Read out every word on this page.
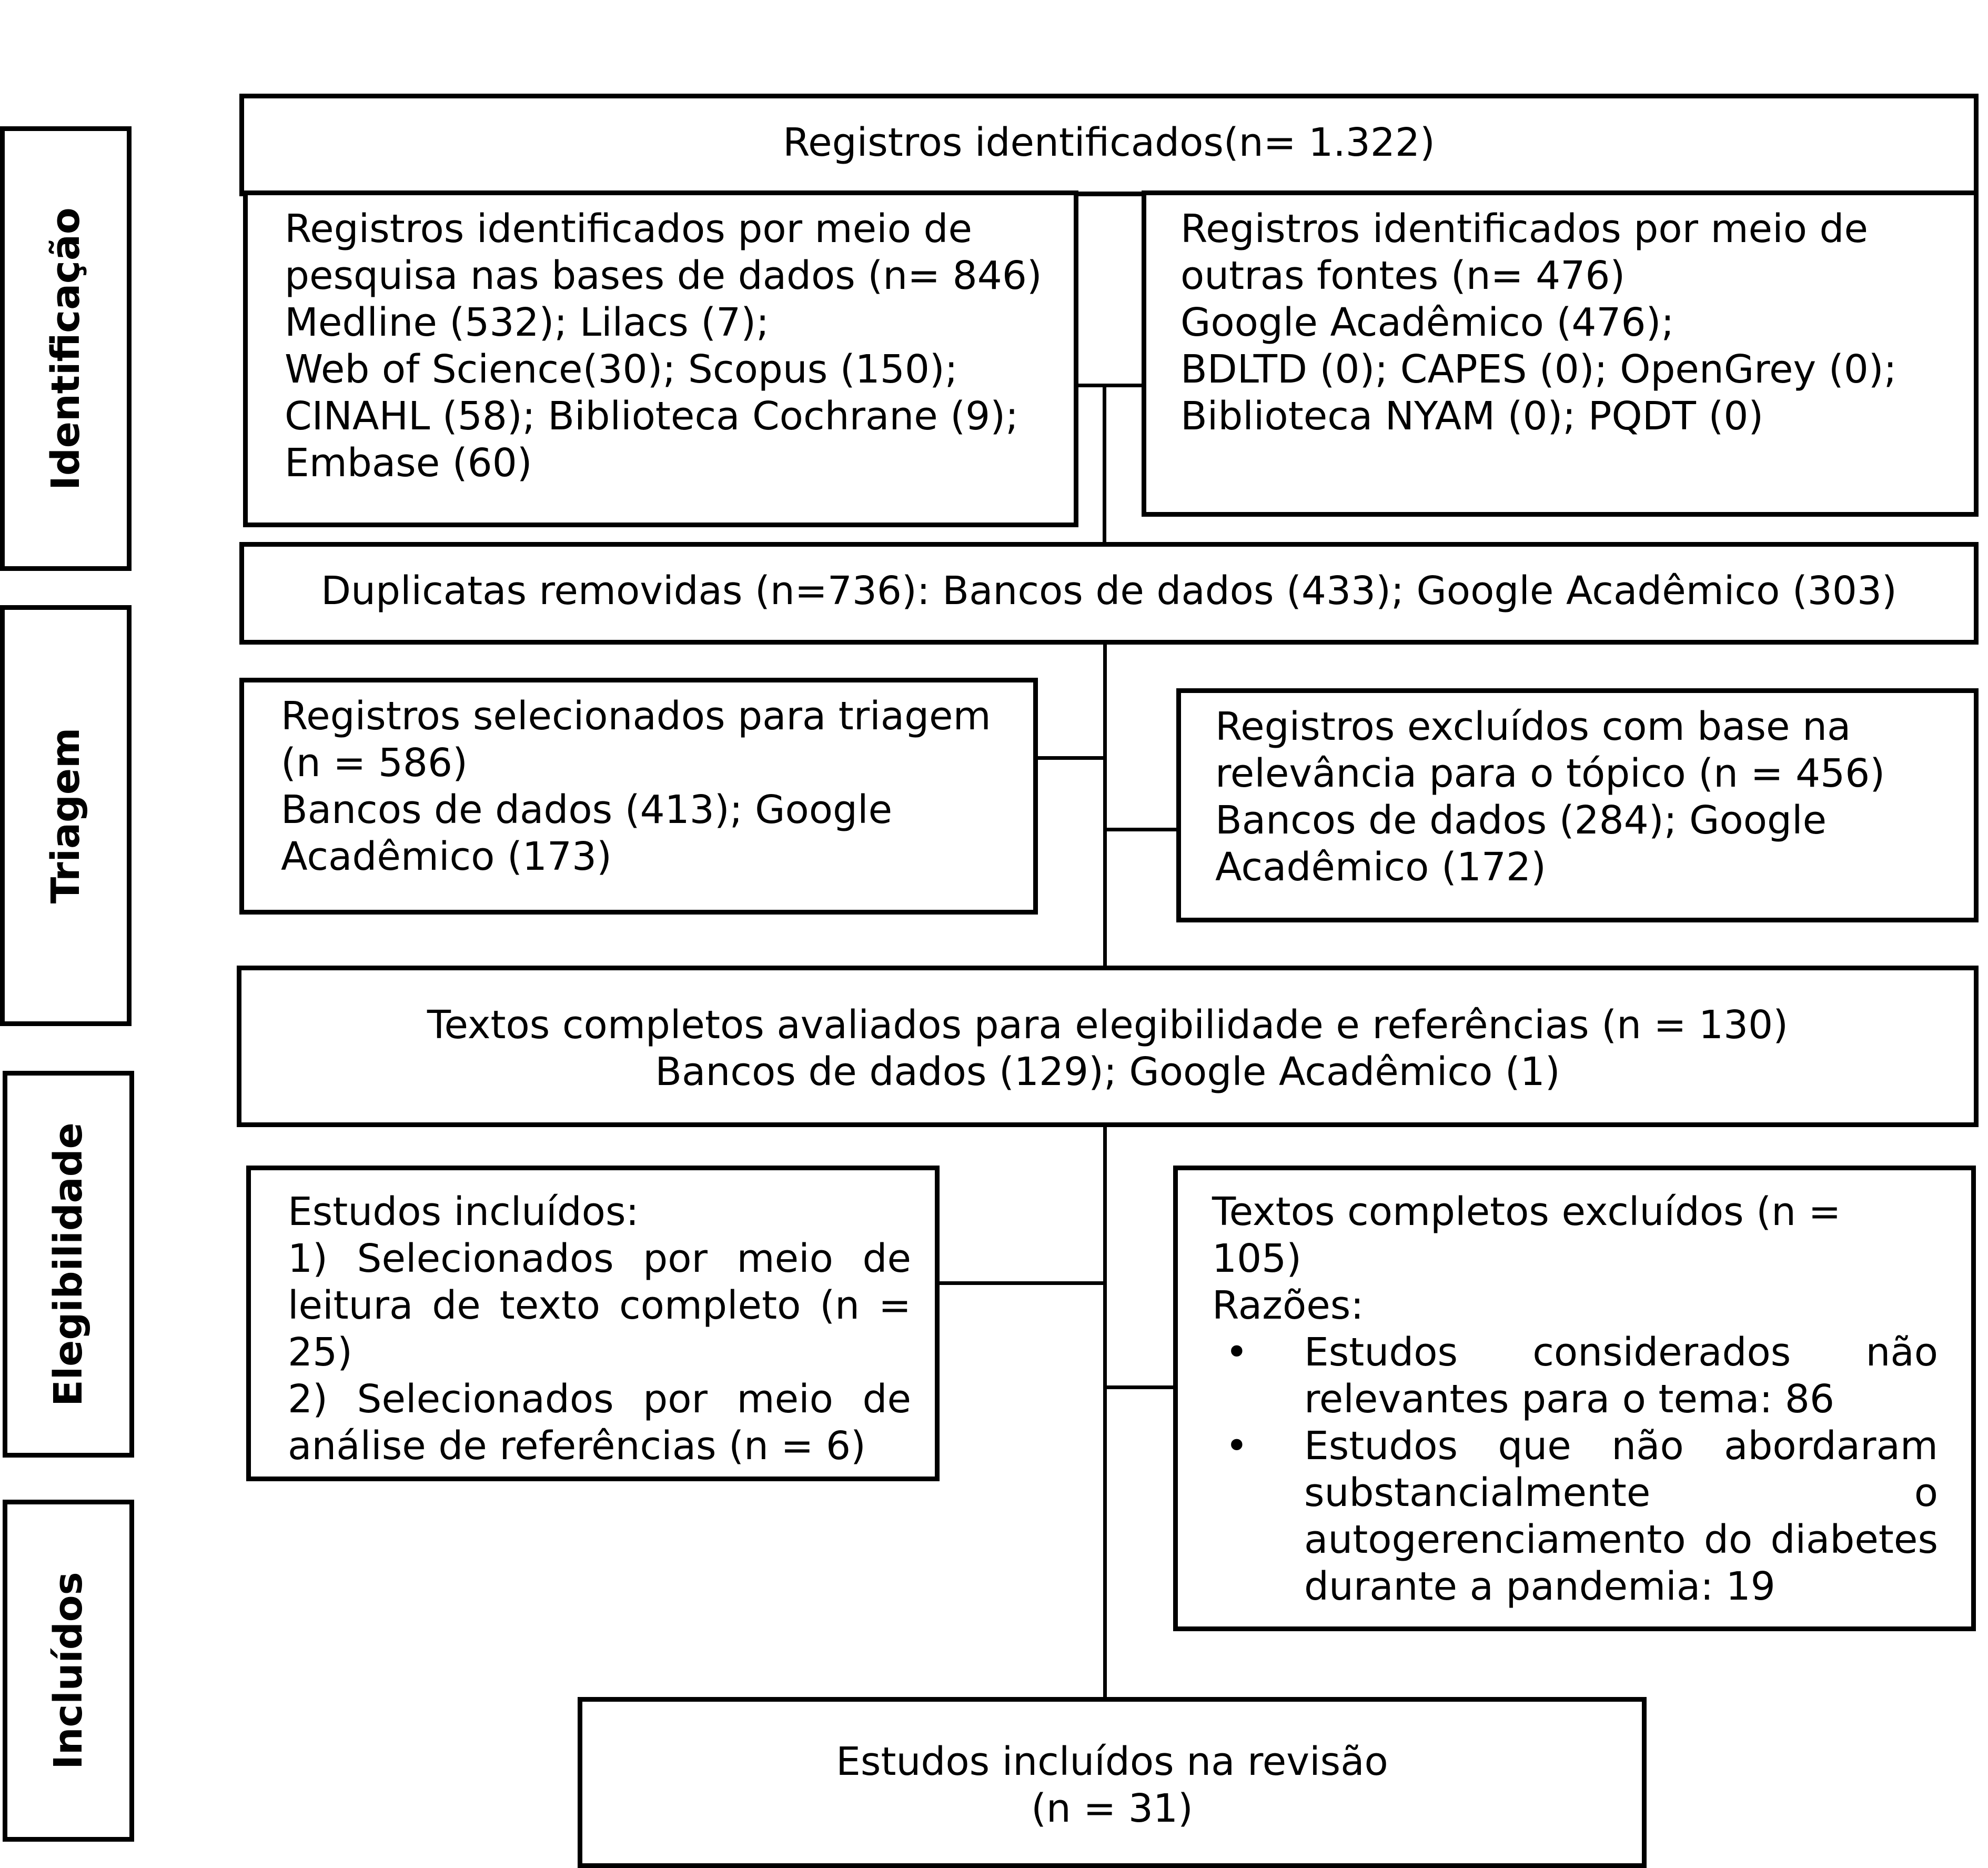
Identificação
Triagem
Elegibilidade
Incluídos
Registros identificados(n= 1.322)
Registros identificados por meio de
pesquisa nas bases de dados (n= 846)
Medline (532); Lilacs (7);
Web of Science(30); Scopus (150);
CINAHL (58); Biblioteca Cochrane (9);
Embase (60)
Registros identificados por meio de
outras fontes (n= 476)
Google Acadêmico (476);
BDLTD (0); CAPES (0); OpenGrey (0);
Biblioteca NYAM (0); PQDT (0)
Duplicatas removidas (n=736): Bancos de dados (433); Google Acadêmico (303)
Registros selecionados para triagem
(n = 586)
Bancos de dados (413); Google
Acadêmico (173)
Registros excluídos com base na
relevância para o tópico (n = 456)
Bancos de dados (284); Google
Acadêmico (172)
Textos completos avaliados para elegibilidade e referências (n = 130)
Bancos de dados (129); Google Acadêmico (1)
Estudos incluídos:
1) Selecionados por meio de
leitura de texto completo (n =
25)
2) Selecionados por meio de
análise de referências (n = 6)
Textos completos excluídos (n =
105)
Razões:
• Estudos considerados não
relevantes para o tema: 86
• Estudos que não abordaram
substancialmente o
autogerenciamento do diabetes
durante a pandemia: 19
Estudos incluídos na revisão
(n = 31)
